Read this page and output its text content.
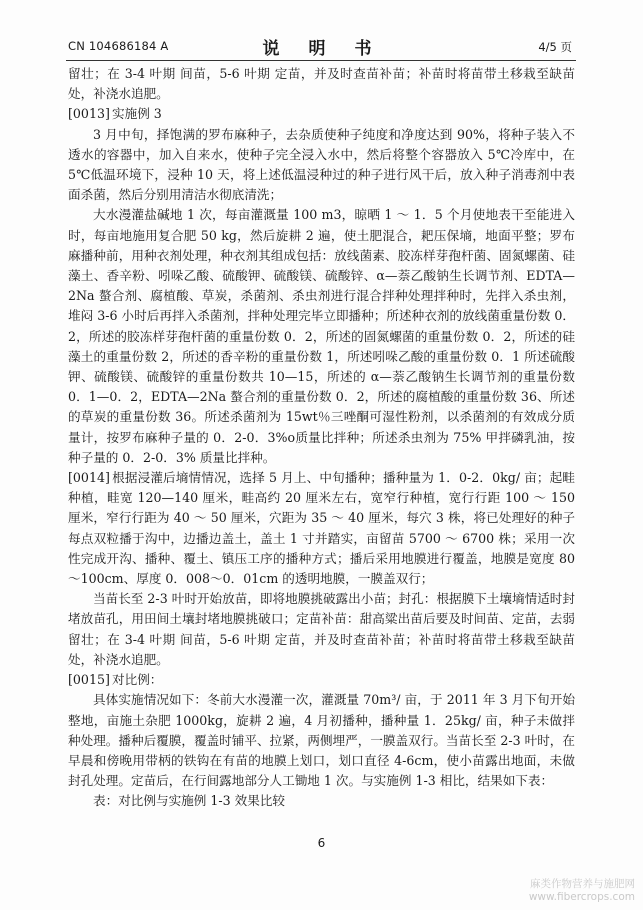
CN 104686184 A	说　明　书	4/5 页

留壮；在 3-4 叶期 间苗，5-6 叶期 定苗，并及时查苗补苗；补苗时将苗带土移栽至缺苗处，补浇水追肥。

[0013] 实施例 3

3 月中旬，择饱满的罗布麻种子，去杂质使种子纯度和净度达到 90%，将种子装入不透水的容器中，加入自来水，使种子完全浸入水中，然后将整个容器放入 5℃冷库中，在 5℃低温环境下，浸种 10 天，将上述低温浸种过的种子进行风干后，放入种子消毒剂中表面杀菌，然后分别用清洁水彻底清洗；

大水漫灌盐碱地 1 次，每亩灌溉量 100 m3，晾晒 1 ～ 1．5 个月使地表干至能进入时，每亩地施用复合肥 50 kg，然后旋耕 2 遍，使土肥混合，耙压保墒，地面平整；罗布麻播种前，用种衣剂处理，种衣剂其组成包括：放线菌素、胶冻样芽孢杆菌、固氮螺菌、硅藻土、香辛粉、吲哚乙酸、硫酸钾、硫酸镁、硫酸锌、α—萘乙酸钠生长调节剂、EDTA—2Na 螯合剂、腐植酸、草炭，杀菌剂、杀虫剂进行混合拌种处理拌种时，先拌入杀虫剂，堆闷 3-6 小时后再拌入杀菌剂，拌种处理完毕立即播种；所述种衣剂的放线菌重量份数 0．2，所述的胶冻样芽孢杆菌的重量份数 0．2，所述的固氮螺菌的重量份数 0．2，所述的硅藻土的重量份数 2，所述的香辛粉的重量份数 1，所述吲哚乙酸的重量份数 0．1 所述硫酸钾、硫酸镁、硫酸锌的重量份数共 10—15，所述的 α—萘乙酸钠生长调节剂的重量份数 0．1—0．2，EDTA—2Na 螯合剂的重量份数 0．2，所述的腐植酸的重量份数 36、所述的草炭的重量份数 36。所述杀菌剂为 15wt％三唑酮可湿性粉剂，以杀菌剂的有效成分质量计，按罗布麻种子量的 0．2-0．3%o质量比拌种；所述杀虫剂为 75% 甲拌磷乳油，按种子量的 0．2-0．3% 质量比拌种。

[0014] 根据浸灌后墒情情况，选择 5 月上、中旬播种；播种量为 1．0-2．0kg/ 亩；起畦种植，畦宽 120—140 厘米，畦高约 20 厘米左右，宽窄行种植，宽行行距 100 ～ 150 厘米，窄行行距为 40 ～ 50 厘米，穴距为 35 ～ 40 厘米，每穴 3 株，将已处理好的种子每点双粒播于沟中，边播边盖土，盖土 1 寸并踏实，亩留苗 5700 ～ 6700 株；采用一次性完成开沟、播种、覆土、镇压工序的播种方式；播后采用地膜进行覆盖，地膜是宽度 80～100cm、厚度 0．008～0．01cm 的透明地膜，一膜盖双行；

当苗长至 2-3 叶时开始放苗，即将地膜挑破露出小苗；封孔：根据膜下土壤墒情适时封堵放苗孔，用田间土壤封堵地膜挑破口；定苗补苗：甜高粱出苗后要及时间苗、定苗，去弱留壮；在 3-4 叶期 间苗，5-6 叶期 定苗，并及时查苗补苗；补苗时将苗带土移栽至缺苗处，补浇水追肥。

[0015] 对比例：

具体实施情况如下：冬前大水漫灌一次，灌溉量 70m³/ 亩，于 2011 年 3 月下旬开始整地，亩施土杂肥 1000kg，旋耕 2 遍，4 月初播种，播种量 1．25kg/ 亩，种子未做拌种处理。播种后覆膜，覆盖时铺平、拉紧，两侧埋严，一膜盖双行。当苗长至 2-3 叶时，在早晨和傍晚用带柄的铁钩在有苗的地膜上划口，划口直径 4-6cm，使小苗露出地面，未做封孔处理。定苗后，在行间露地部分人工锄地 1 次。与实施例 1-3 相比，结果如下表：

表：对比例与实施例 1-3 效果比较

6
麻类作物营养与施肥网
www.fibercrops.com
